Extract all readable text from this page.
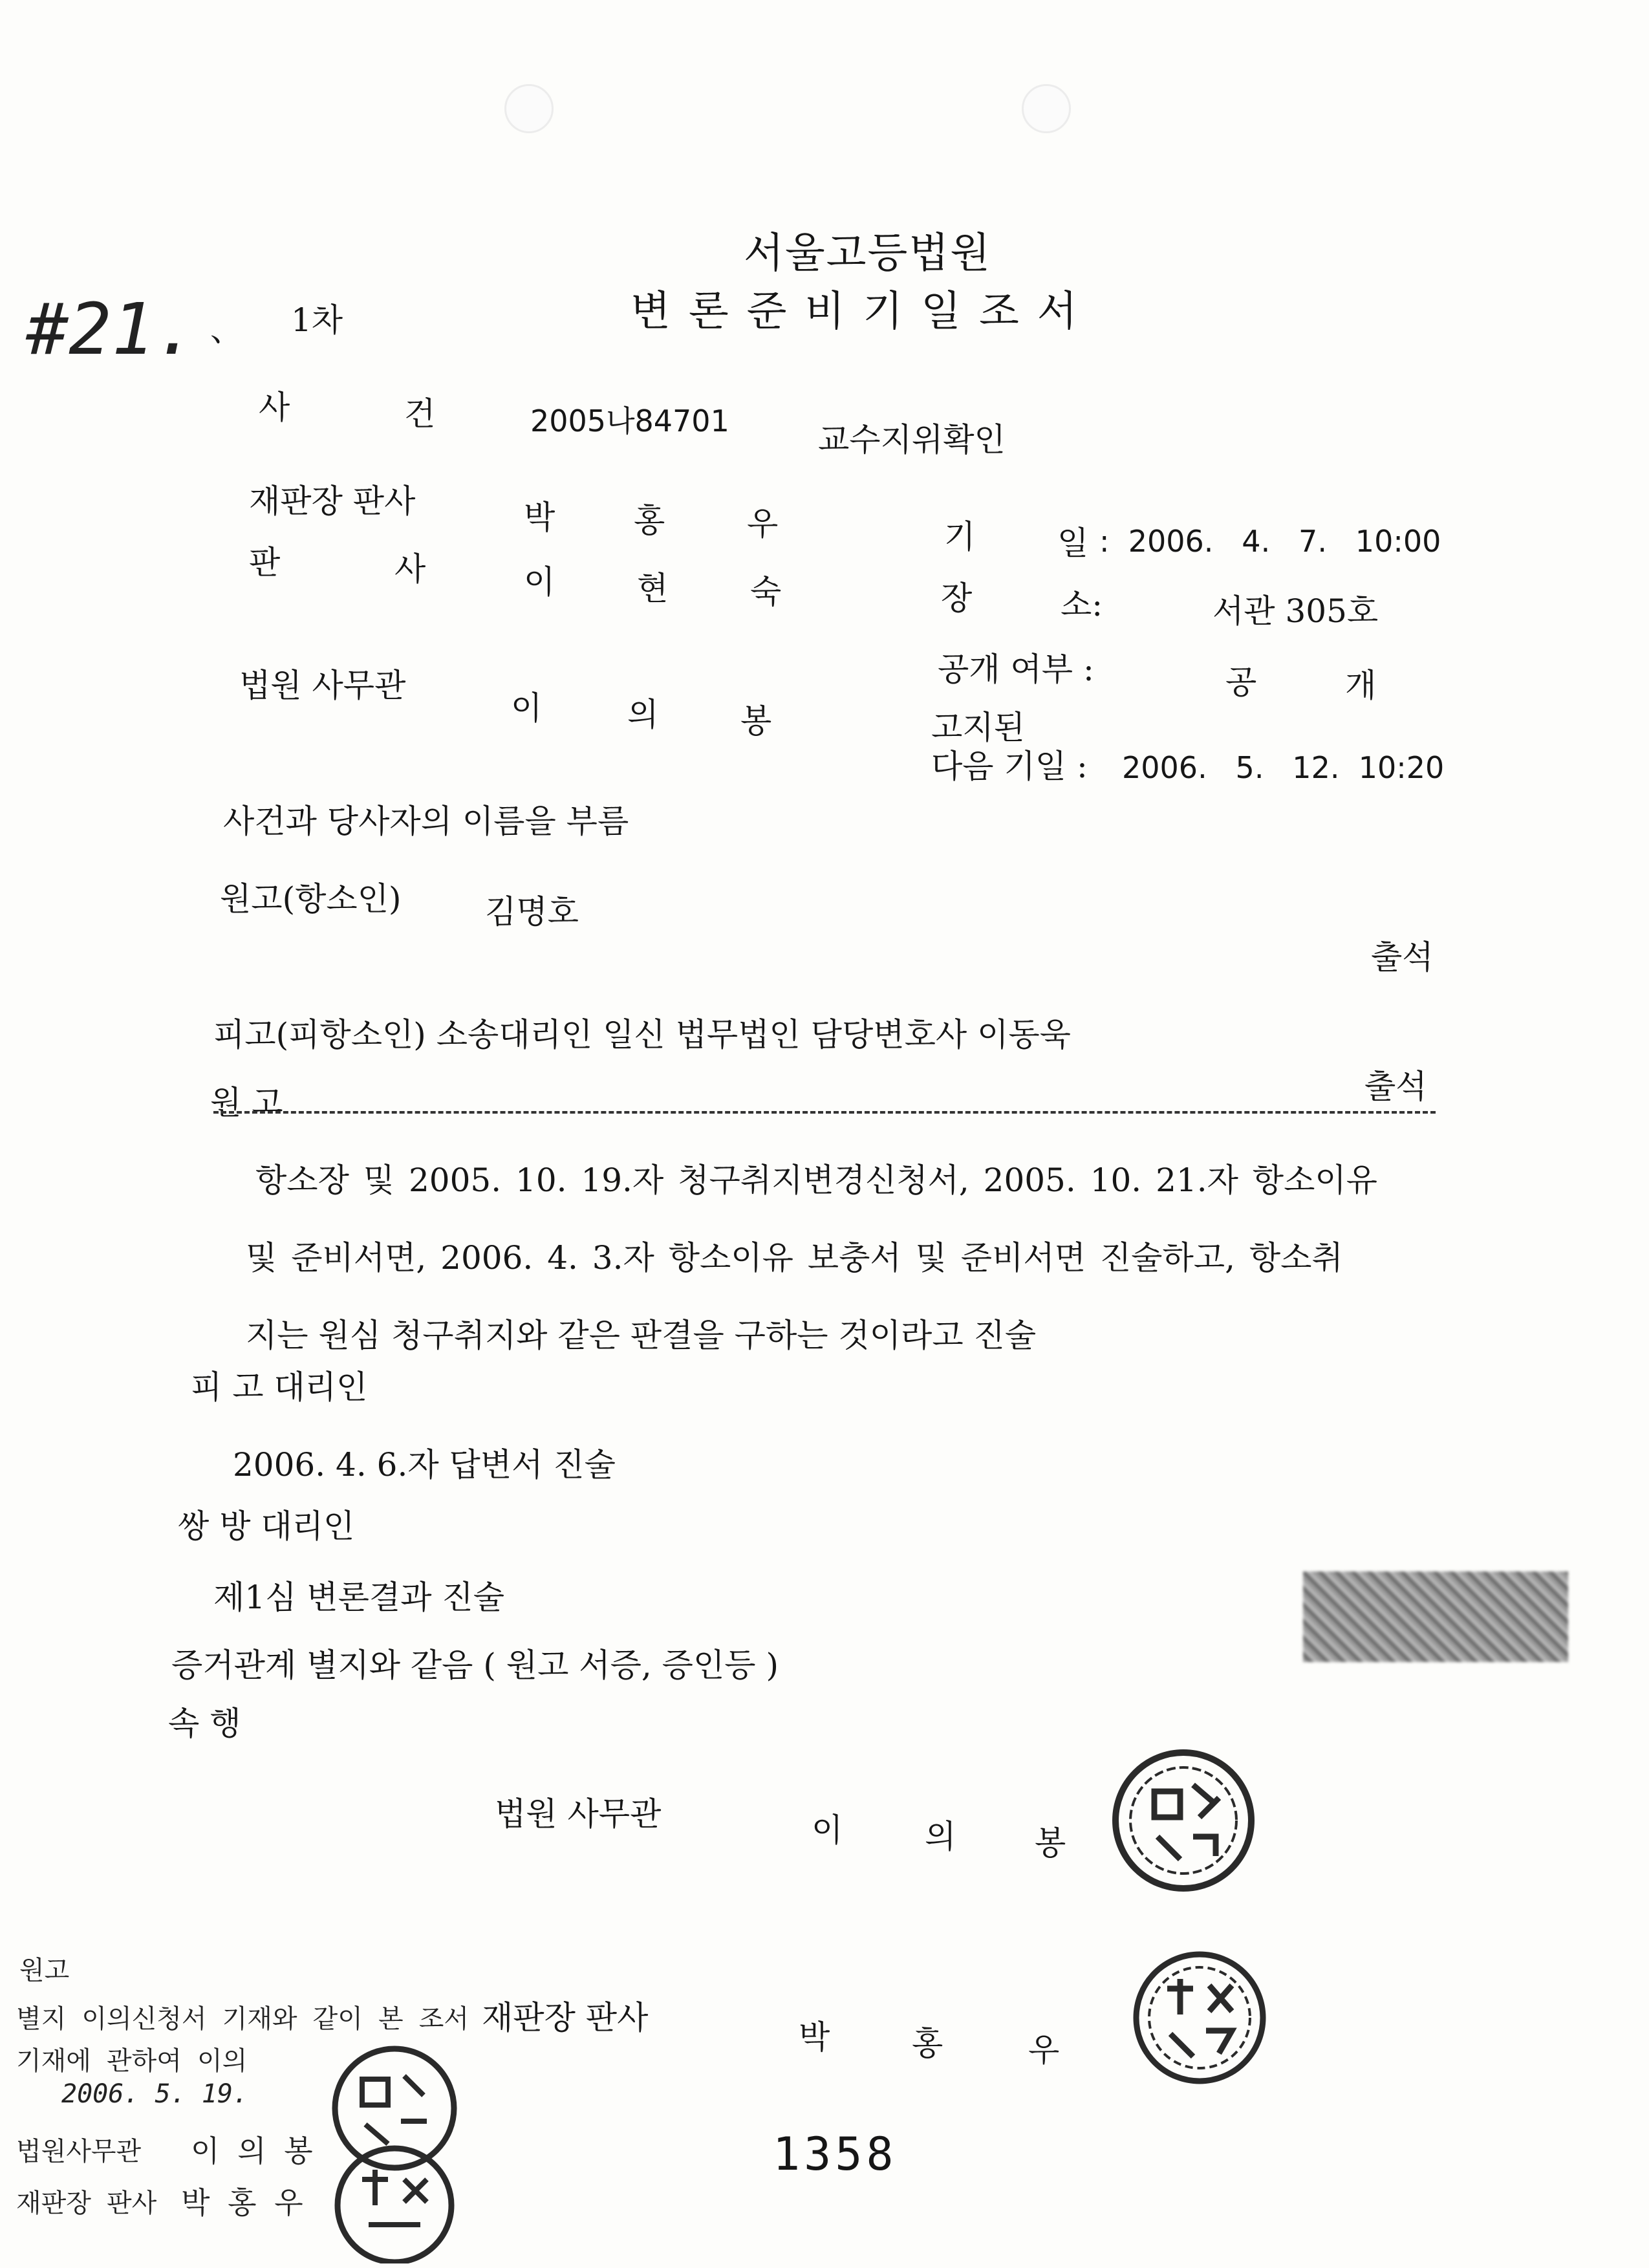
#21. 、 1차
서울고등법원
변론준비기일조서
사	건	2005나84701	교수지위확인
재판장 판사	박 홍	우
판	사	이	현	숙
법원 사무관
이	의	봉
기	일 :  2006.   4.   7.   10:00
장	소:	서관 305호
공개 여부 :	공	개
고지된
다음 기일 : 2006.   5.   12.  10:20
사건과 당사자의 이름을 부름
원고(항소인)	김명호
출석
피고(피항소인) 소송대리인 일신 법무법인 담당변호사 이동욱
출석
원 고
항소장 및 2005. 10. 19.자 청구취지변경신청서, 2005. 10. 21.자 항소이유
및 준비서면, 2006. 4. 3.자 항소이유 보충서 및 준비서면 진술하고, 항소취
지는 원심 청구취지와 같은 판결을 구하는 것이라고 진술
피 고 대리인
2006. 4. 6.자 답변서 진술
쌍 방 대리인
제1심 변론결과 진술
증거관계 별지와 같음 ( 원고 서증, 증인등 )
속 행
법원 사무관	이	의 봉
재판장 판사
박	홍	우
원고
별지 이의신청서 기재와 같이 본 조서
기재에 관하여 이의
2006. 5. 19.
법원사무관 이 의 봉
재판장 판사 박 홍 우
1358
